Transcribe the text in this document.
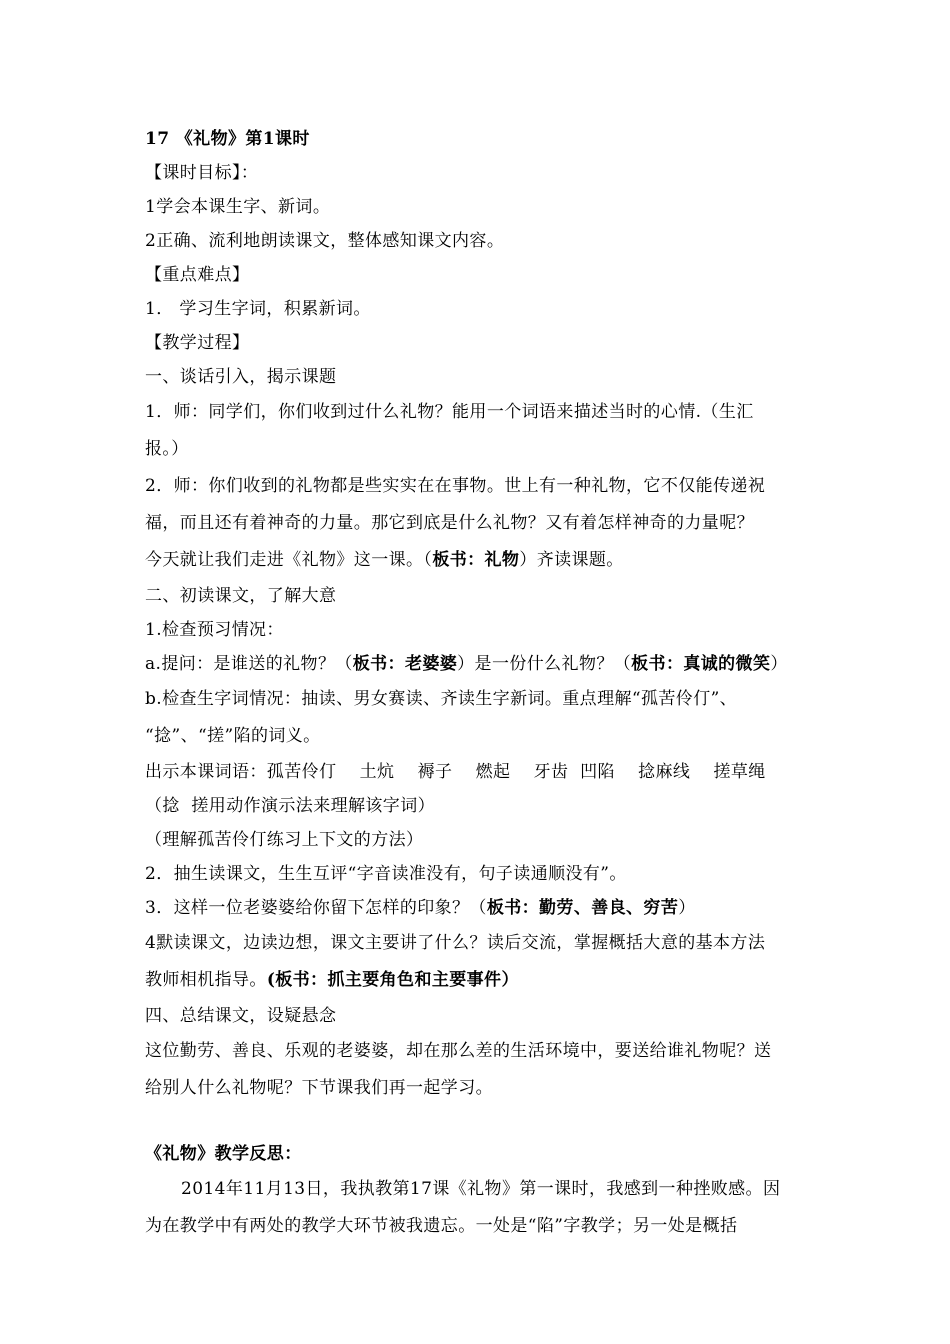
17 《礼物》第1课时
【课时目标】：
1学会本课生字、新词。
2正确、流利地朗读课文，整体感知课文内容。
【重点难点】
1． 学习生字词，积累新词。
【教学过程】
一、谈话引入，揭示课题
1．师：同学们，你们收到过什么礼物？能用一个词语来描述当时的心情.（生汇
报。）
2．师：你们收到的礼物都是些实实在在事物。世上有一种礼物，它不仅能传递祝
福，而且还有着神奇的力量。那它到底是什么礼物？又有着怎样神奇的力量呢？
今天就让我们走进《礼物》这一课。（板书：礼物）齐读课题。
二、初读课文，了解大意
1.检查预习情况：
a.提问：是谁送的礼物？（板书：老婆婆）是一份什么礼物？（板书：真诚的微笑）
b.检查生字词情况：抽读、男女赛读、齐读生字新词。重点理解“孤苦伶仃”、
“捻”、“搓”陷的词义。
出示本课词语：孤苦伶仃    土炕    褥子    燃起    牙齿  凹陷    捻麻线    搓草绳
（捻  搓用动作演示法来理解该字词）
（理解孤苦伶仃练习上下文的方法）
2．抽生读课文，生生互评“字音读准没有，句子读通顺没有”。
3．这样一位老婆婆给你留下怎样的印象？（板书：勤劳、善良、穷苦）
4默读课文，边读边想，课文主要讲了什么？读后交流，掌握概括大意的基本方法
教师相机指导。(板书：抓主要角色和主要事件）
四、总结课文，设疑悬念
这位勤劳、善良、乐观的老婆婆，却在那么差的生活环境中，要送给谁礼物呢？送
给别人什么礼物呢？下节课我们再一起学习。
《礼物》教学反思：
2014年11月13日，我执教第17课《礼物》第一课时，我感到一种挫败感。因
为在教学中有两处的教学大环节被我遗忘。一处是“陷”字教学；另一处是概括
